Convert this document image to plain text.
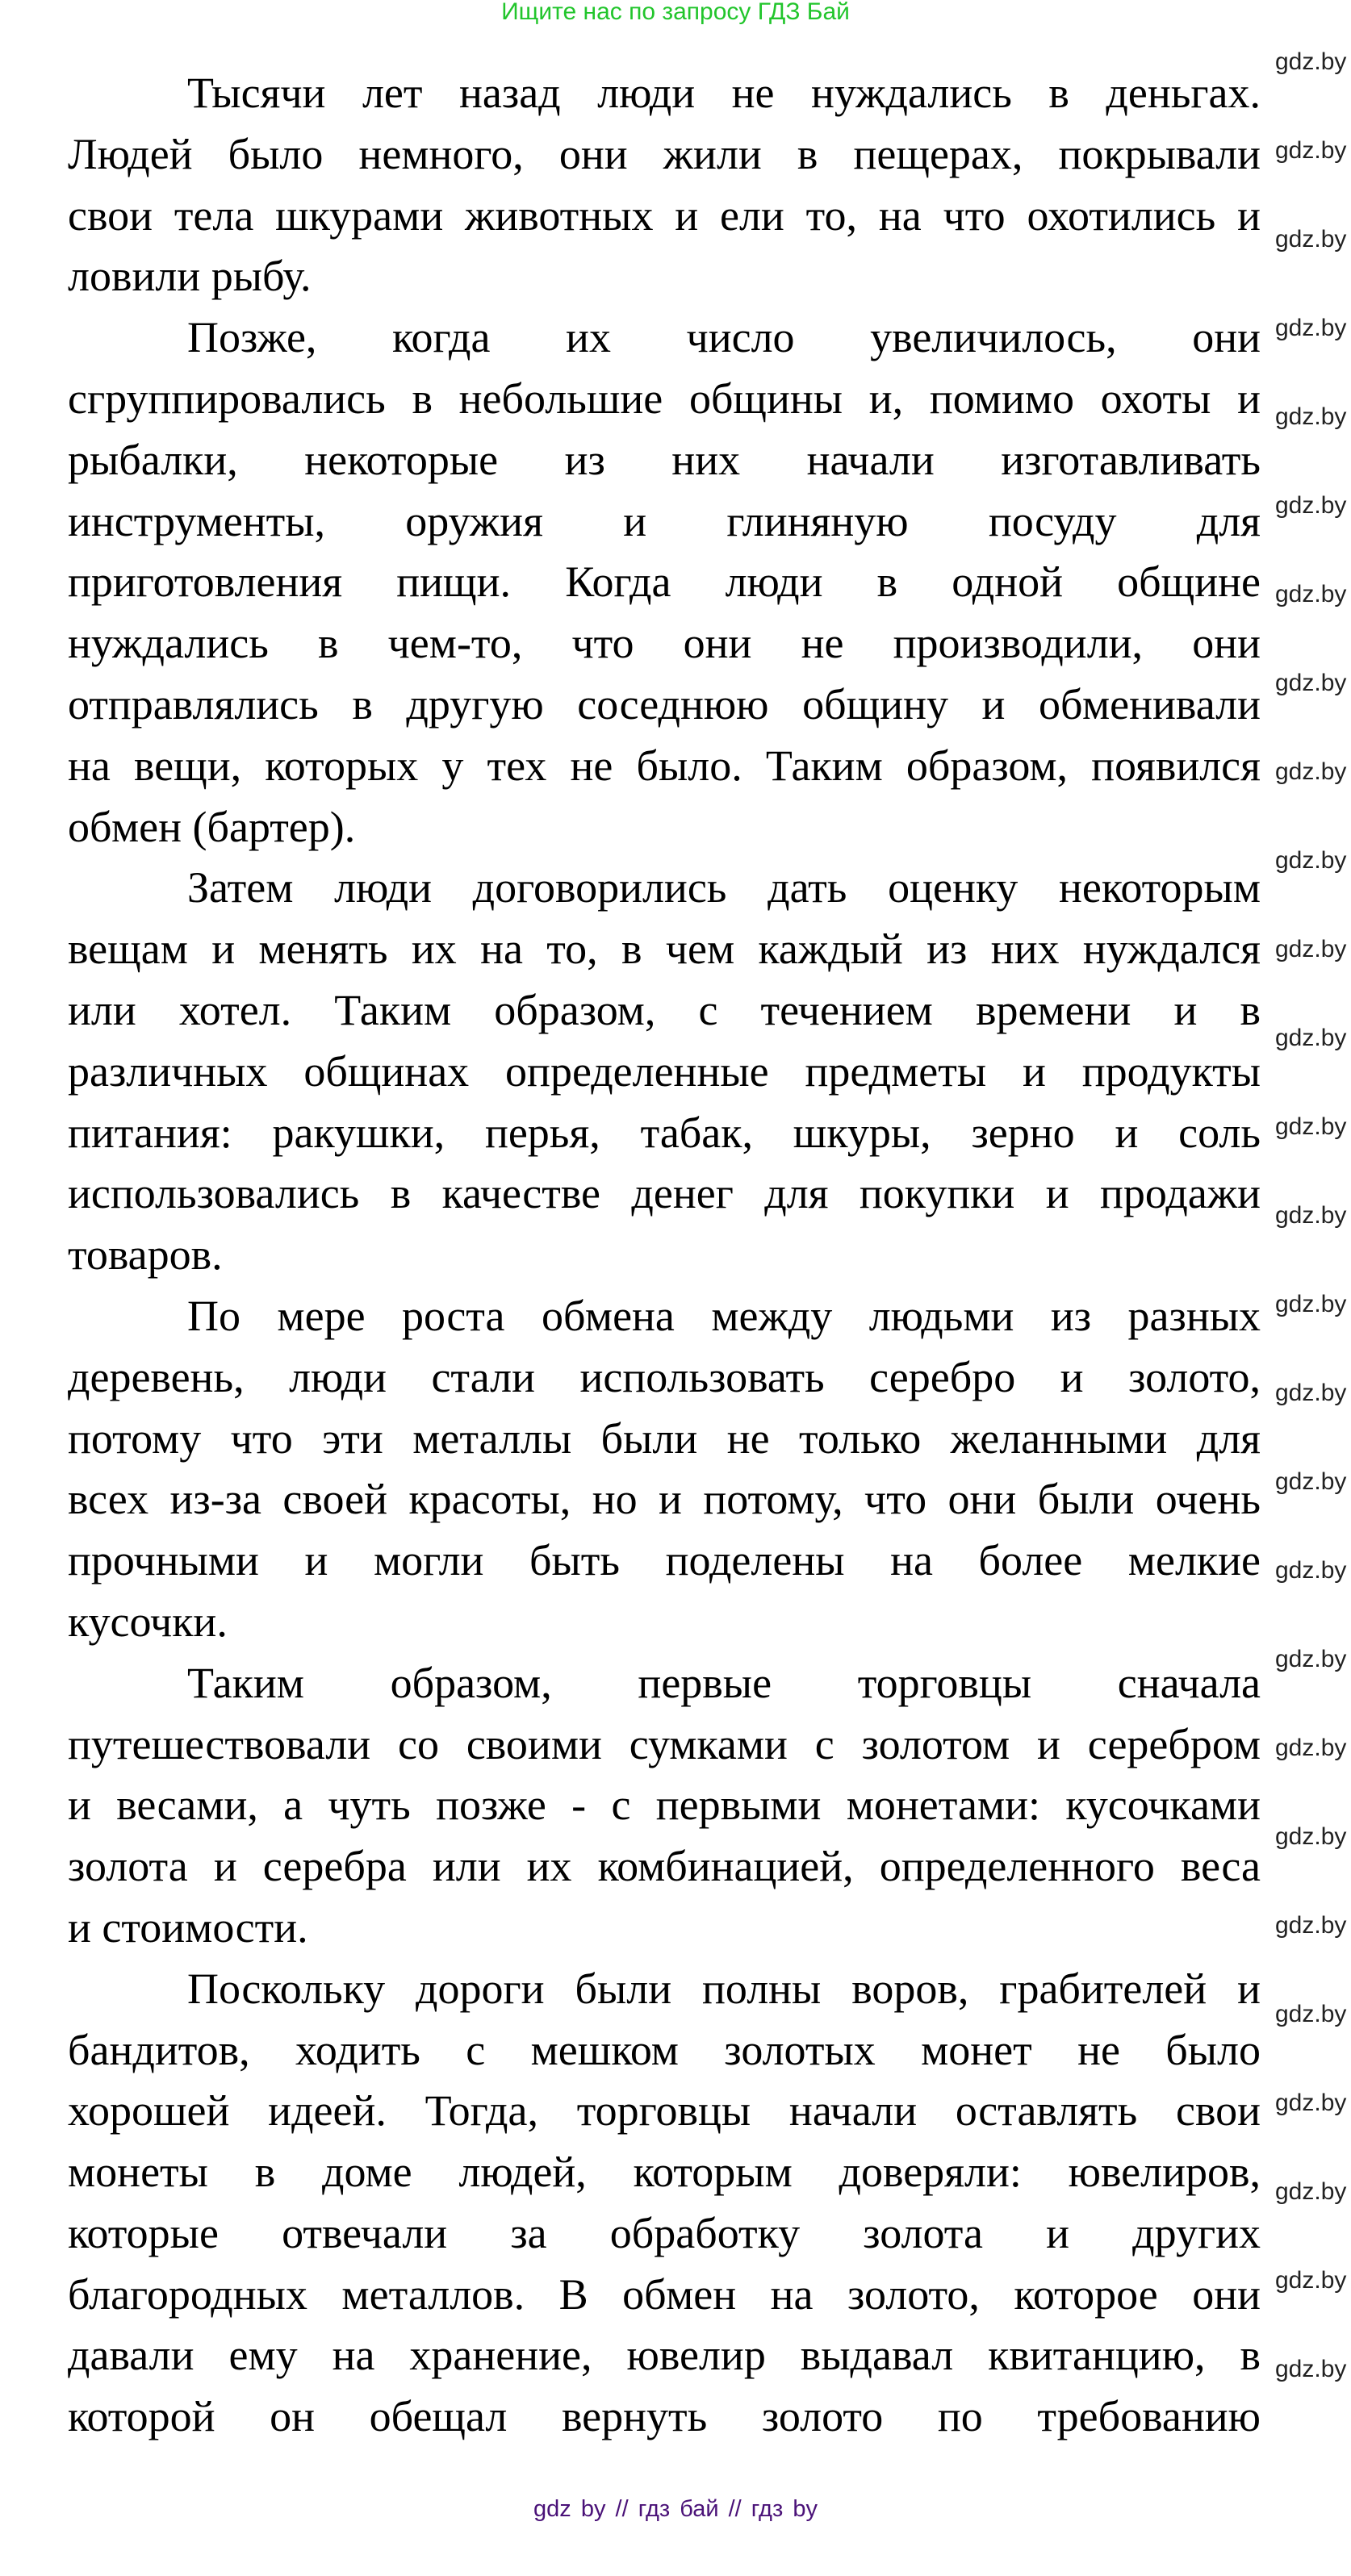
Ищите нас по запросу ГДЗ Бай
Тысячи лет назад люди не нуждались в деньгах.
Людей было немного, они жили в пещерах, покрывали
свои тела шкурами животных и ели то, на что охотились и
ловили рыбу.
Позже, когда их число увеличилось, они
сгруппировались в небольшие общины и, помимо охоты и
рыбалки, некоторые из них начали изготавливать
инструменты, оружия и глиняную посуду для
приготовления пищи. Когда люди в одной общине
нуждались в чем-то, что они не производили, они
отправлялись в другую соседнюю общину и обменивали
на вещи, которых у тех не было. Таким образом, появился
обмен (бартер).
Затем люди договорились дать оценку некоторым
вещам и менять их на то, в чем каждый из них нуждался
или хотел. Таким образом, с течением времени и в
различных общинах определенные предметы и продукты
питания: ракушки, перья, табак, шкуры, зерно и соль
использовались в качестве денег для покупки и продажи
товаров.
По мере роста обмена между людьми из разных
деревень, люди стали использовать серебро и золото,
потому что эти металлы были не только желанными для
всех из-за своей красоты, но и потому, что они были очень
прочными и могли быть поделены на более мелкие
кусочки.
Таким образом, первые торговцы сначала
путешествовали со своими сумками с золотом и серебром
и весами, а чуть позже - с первыми монетами: кусочками
золота и серебра или их комбинацией, определенного веса
и стоимости.
Поскольку дороги были полны воров, грабителей и
бандитов, ходить с мешком золотых монет не было
хорошей идеей. Тогда, торговцы начали оставлять свои
монеты в доме людей, которым доверяли: ювелиров,
которые отвечали за обработку золота и других
благородных металлов. В обмен на золото, которое они
давали ему на хранение, ювелир выдавал квитанцию, в
которой он обещал вернуть золото по требованию
gdz.by
gdz.by
gdz.by
gdz.by
gdz.by
gdz.by
gdz.by
gdz.by
gdz.by
gdz.by
gdz.by
gdz.by
gdz.by
gdz.by
gdz.by
gdz.by
gdz.by
gdz.by
gdz.by
gdz.by
gdz.by
gdz.by
gdz.by
gdz.by
gdz.by
gdz.by
gdz.by
gdz by // гдз бай // гдз by
